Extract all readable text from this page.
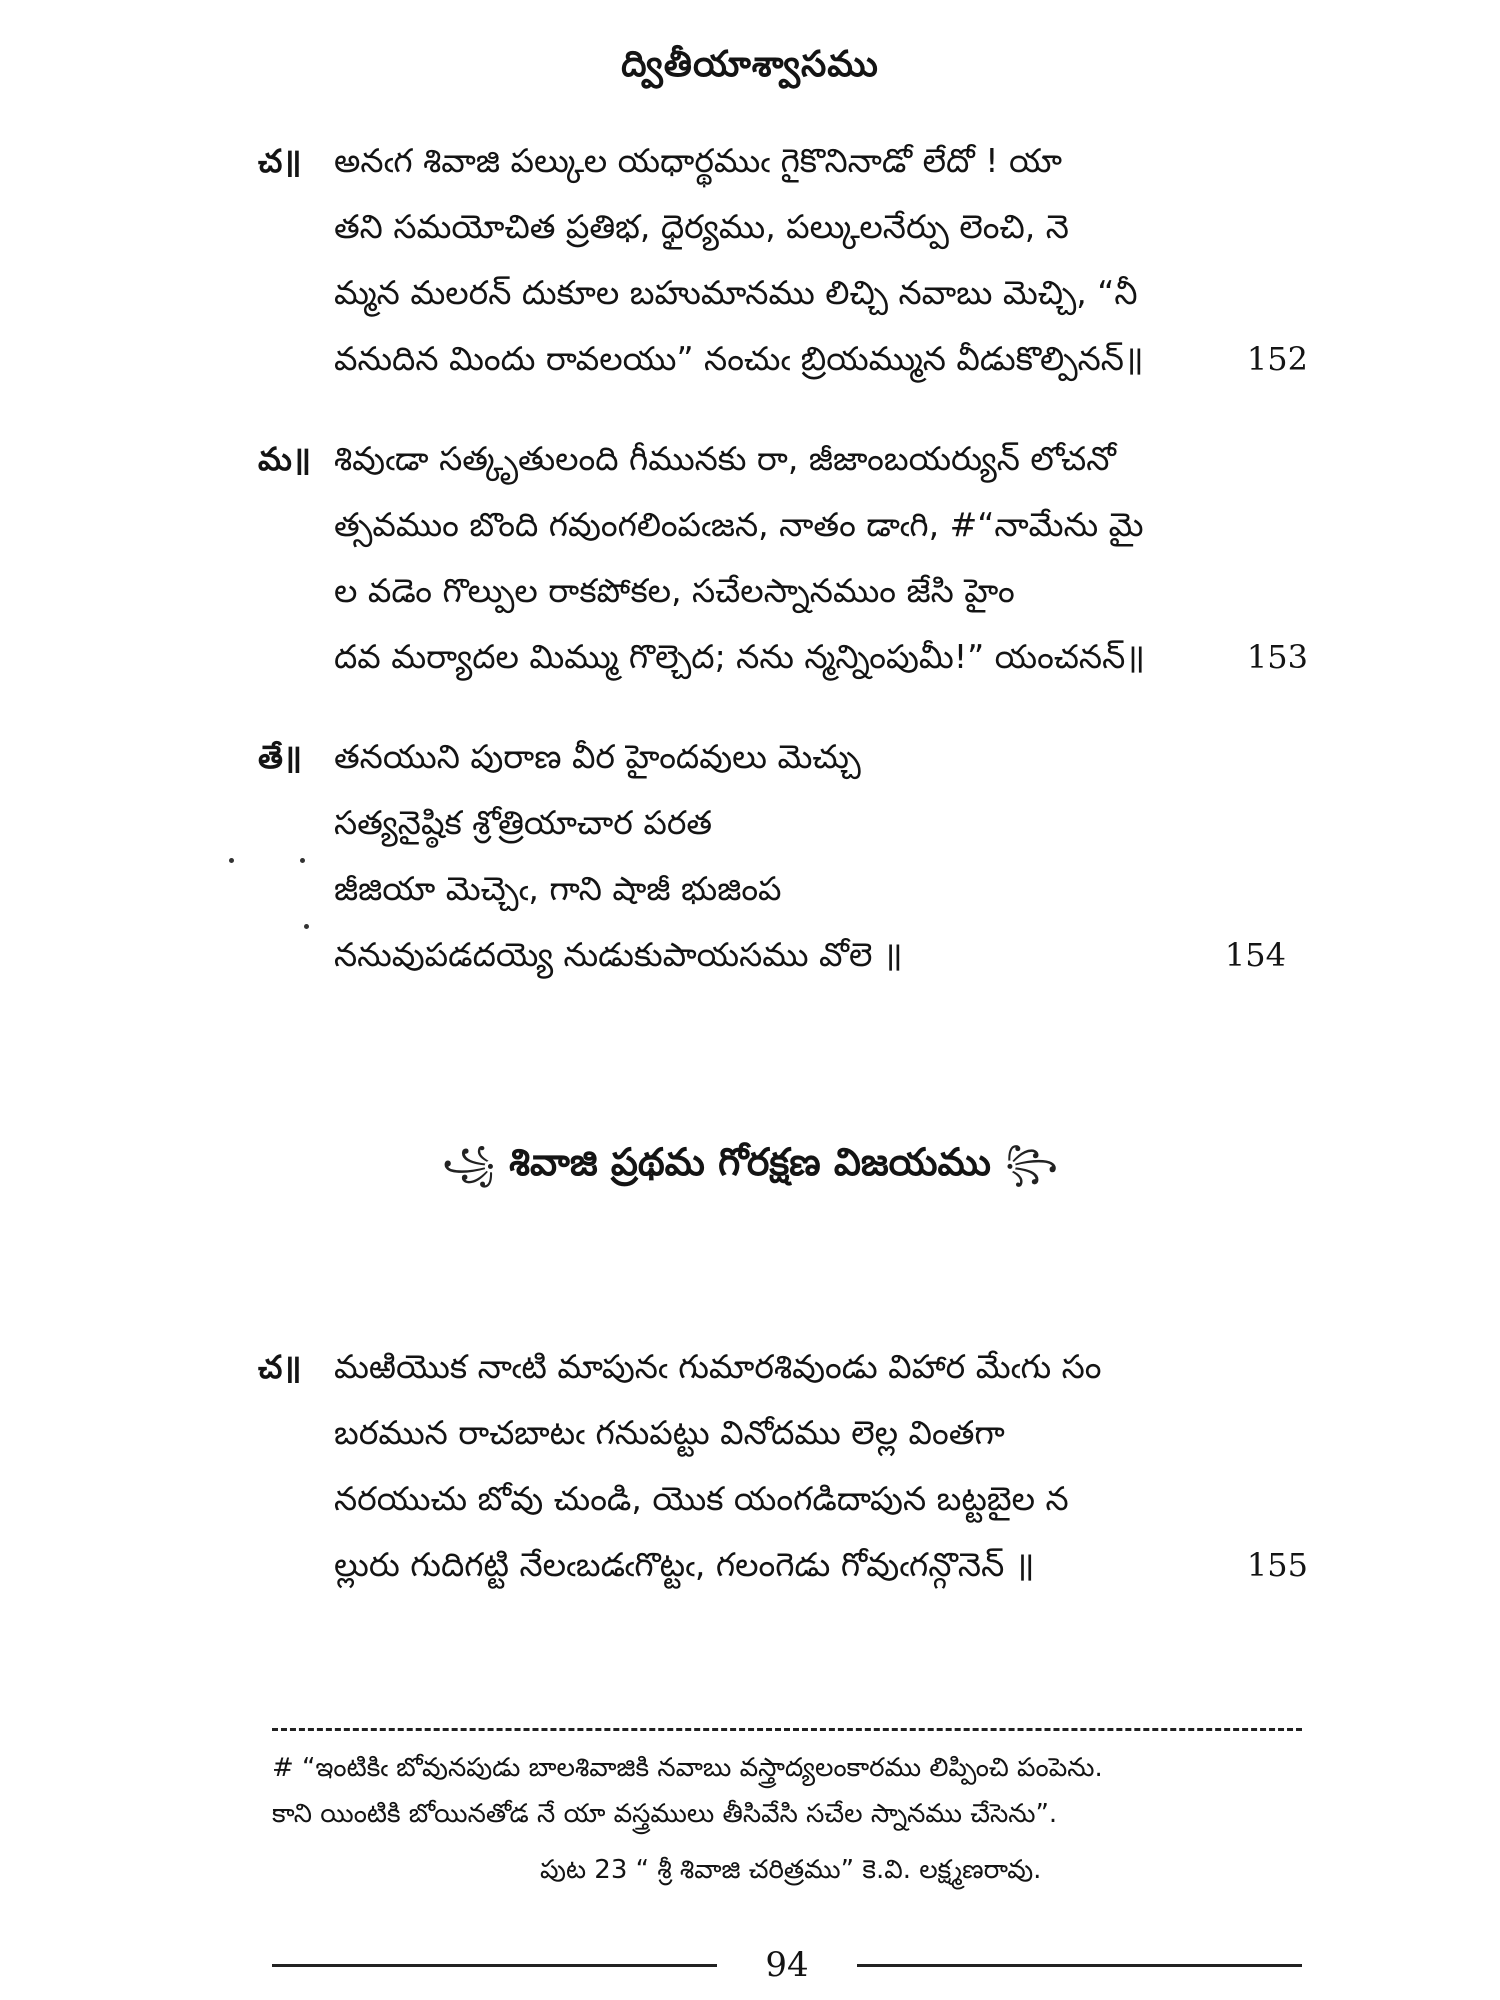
ద్వితీయాశ్వాసము
చ॥ అనఁగ శివాజి పల్కుల యధార్థముఁ గైకొనినాడో లేదో ! యా
తని సమయోచిత ప్రతిభ, ధైర్యము, పల్కులనేర్పు లెంచి, నె
మ్మన మలరన్ దుకూల బహుమానము లిచ్చి నవాబు మెచ్చి, “నీ
వనుదిన మిందు రావలయు” నంచుఁ బ్రియమ్మున వీడుకొల్పినన్॥	152
మ॥ శివుఁడా సత్కృతులంది గీమునకు రా, జీజాంబయర్యున్ లోచనో
త్సవముం బొంది గవుంగలింపఁజన, నాతం డాఁగి, #“నామేను మై
ల వడెం గొల్పుల రాకపోకల, సచేలస్నానముం జేసి హైం
దవ మర్యాదల మిమ్ము గొల్చెద; నను న్మన్నింపుమీ!” యంచనన్॥	153
తే॥ తనయుని పురాణ వీర హైందవులు మెచ్చు
సత్యనైష్ఠిక శ్రోత్రియాచార పరత
జీజియా మెచ్చెఁ, గాని షాజీ భుజింప
ననువుపడదయ్యె నుడుకుపాయసము వోలె ॥	154
꧁ శివాజి ప్రథమ గోరక్షణ విజయము ꧂
చ॥ మఱియొక నాఁటి మాపునఁ గుమారశివుండు విహార మేఁగు సం
బరమున రాచబాటఁ గనుపట్టు వినోదము లెల్ల వింతగా
నరయుచు బోవు చుండి, యొక యంగడిదాపున బట్టబైల న
ల్లురు గుదిగట్టి నేలఁబడఁగొట్టఁ, గలంగెడు గోవుఁగన్గొనెన్ ॥	155
# “ఇంటికిఁ బోవునపుడు బాలశివాజికి నవాబు వస్త్రాద్యలంకారము లిప్పించి పంపెను.
కాని యింటికి బోయినతోడ నే యా వస్త్రములు తీసివేసి సచేల స్నానము చేసెను”.
పుట 23 “ శ్రీ శివాజి చరిత్రము” కె.వి. లక్ష్మణరావు.
94
